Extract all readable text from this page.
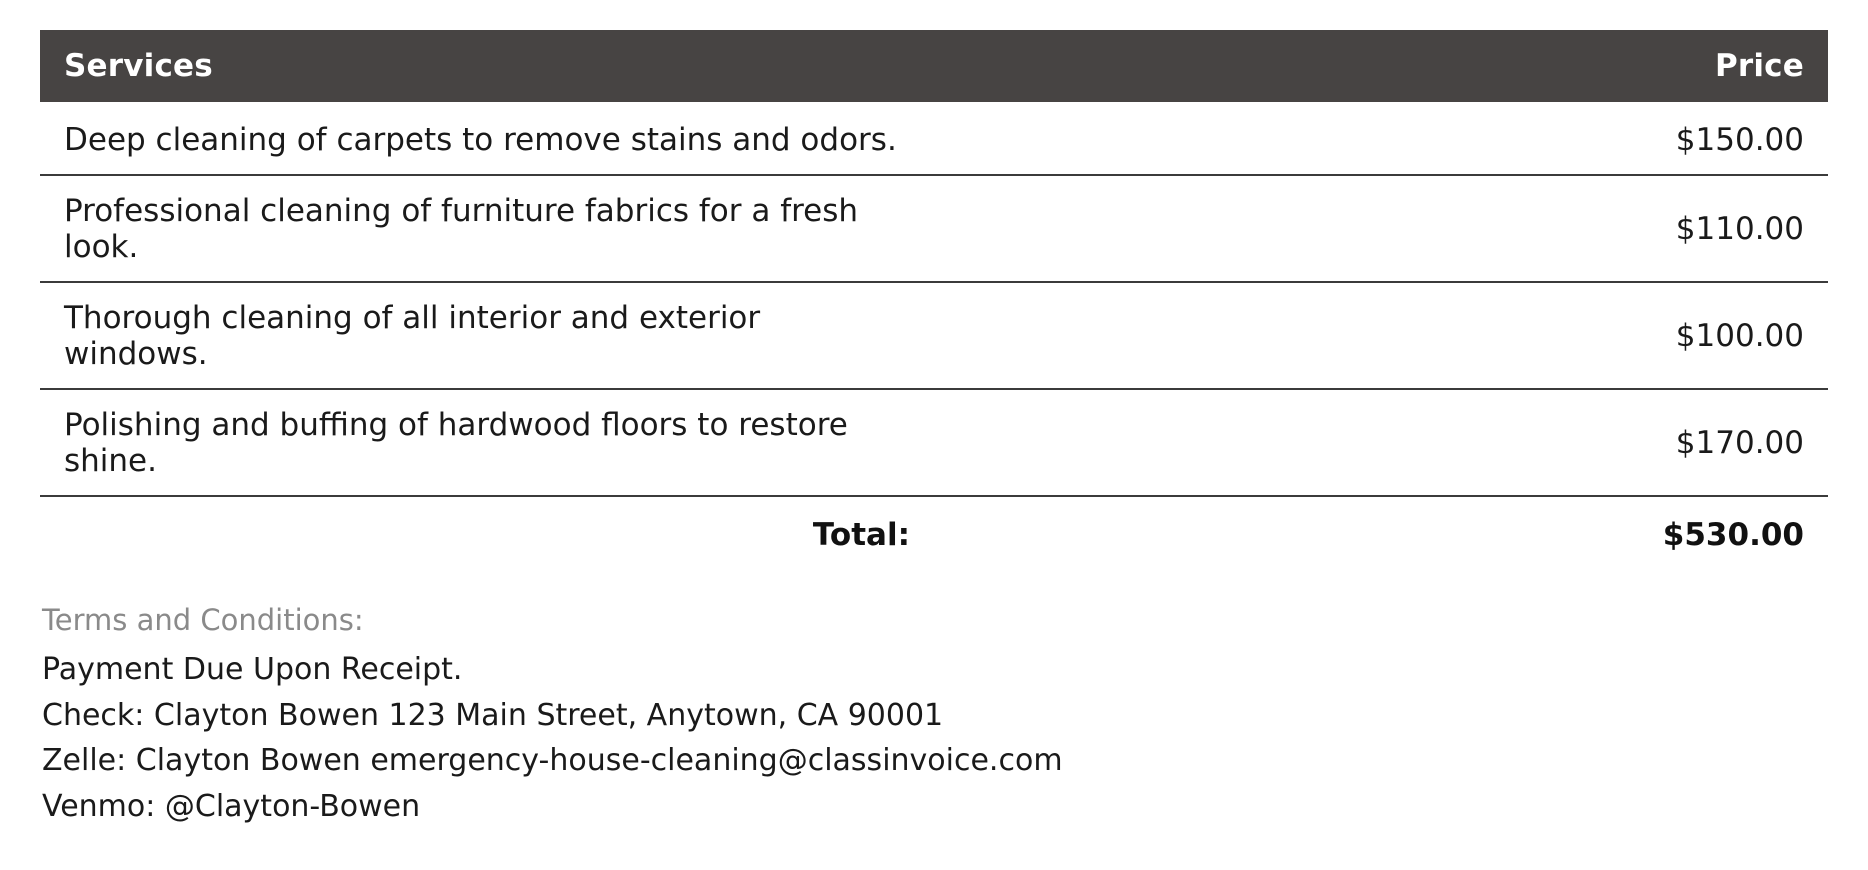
Services	Price
Deep cleaning of carpets to remove stains and odors.	$150.00
Professional cleaning of furniture fabrics for a fresh look.	$110.00
Thorough cleaning of all interior and exterior windows.	$100.00
Polishing and buffing of hardwood floors to restore shine.	$170.00
Total:	$530.00
Terms and Conditions:
Payment Due Upon Receipt.
Check: Clayton Bowen 123 Main Street, Anytown, CA 90001
Zelle: Clayton Bowen emergency-house-cleaning@classinvoice.com
Venmo: @Clayton-Bowen
